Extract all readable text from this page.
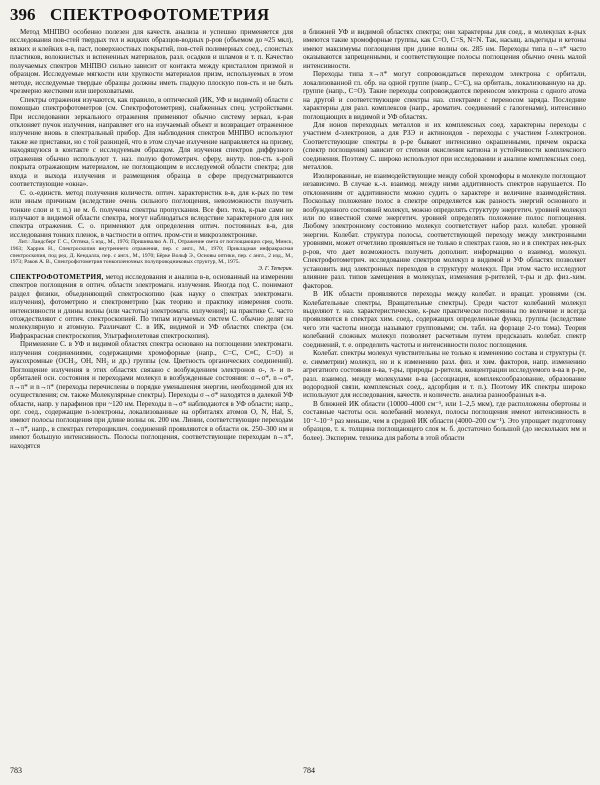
396 СПЕКТРОФОТОМЕТРИЯ

Метод МНПВО особенно полезен для качеств. анализа и успешно применяется для исследования пов-стей твердых тел и жидких образцов-водных р-ров (объемом до ≈25 мкл), вязких и клейких в-в, паст, поверхностных покрытий, пов-стей полимерных соед., слоистых пластиков, волокнистых и вспененных материалов, разл. осадков и шламов и т. п. Качество получаемых спектров МНПВО сильно зависит от контакта между кристаллом призмой и образцом. Исследуемые мягкости или хрупкости материалов призм, используемых в этом методе, исследуемые твердые образцы должны иметь гладкую плоскую пов-сть и не быть чрезмерно жесткими или шероховатыми.

Спектры отражения изучаются, как правило, в оптической (ИК, УФ и видимой) области с помощью спектрофотометров (см. Спектрофотометрия), снабженных спец. устройствами. При исследовании зеркального отражения применяют обычно систему зеркал, к-рая отклоняет пучок излучения, направляет его на изучаемый объект и возвращает отраженное излучение вновь в спектральный прибор. Для наблюдения спектров МНПВО используют также же приставки, но с той разницей, что в этом случае излучение направляется на призму, находящуюся в контакте с исследуемым образцом. Для изучения спектров диффузного отражения обычно используют т. наз. полую фотометрич. сферу, внутр. пов-сть к-рой покрыта отражающим материалом, не поглощающим в исследуемой области спектра; для входа и выхода излучения и размещения образца в сфере предусматриваются соответствующие «окна».

С. о.-единств. метод получения количеств. оптич. характеристик в-в, для к-рых по тем или иным причинам (вследствие очень сильного поглощения, невозможности получить тонкие слои и т. п.) не м. б. получены спектры пропускания. Все физ. тела, к-рые сами не излучают в видимой области спектра, могут наблюдаться вследствие характерного для них спектра отражения. С. о. применяют для определения оптич. постоянных в-в, для исследования тонких пленок, в частности в оптич. пром-сти и микроэлектронике.

Лит.: Ландсберг Г. С., Оптика, 5 изд., М., 1976; Пришивалко А. П., Отражение света от поглощающих сред, Минск, 1963; Харрик Н., Спектроскопия внутреннего отражения, пер. с англ., М., 1970; Прикладная инфракрасная спектроскопия, под ред. Д. Кендалла, пер. с англ., М., 1970; Бёрке Вольф Э., Основы оптики, пер. с англ., 2 изд., М., 1973; Раков А. В., Спектрофотометрия тонкопленочных полупроводниковых структур, М., 1975.

Э. Г. Тетерин.

СПЕКТРОФОТОМЕТРИЯ, метод исследования и анализа в-в, основанный на измерении спектров поглощения в оптич. области электромагн. излучения. Иногда под С. понимают раздел физики, объединяющий спектроскопию (как науку о спектрах электромагн. излучения), фотометрию и спектрометрию [как теорию и практику измерения соотв. интенсивности и длины волны (или частоты) электромагн. излучения]; на практике С. часто отождествляют с оптич. спектроскопией. По типам изучаемых систем С. обычно делят на молекулярную и атомную. Различают С. в ИК, видимой и УФ областях спектра (см. Инфракрасная спектроскопия, Ультрафиолетовая спектроскопия).

Применение С. в УФ и видимой областях спектра основано на поглощении электромагн. излучения соединениями, содержащими хромофорные (напр., С=С, С≡С, С=О) и ауксохромные (ОСН₃, ОН, NH₂ и др.) группы (см. Цветность органических соединений). Поглощение излучения в этих областях связано с возбуждением электронов σ-, π- и n-орбиталей осн. состояния и переходами молекул в возбужденные состояния: σ→σ*, n→σ*, π→π* и n→π* (переходы перечислены в порядке уменьшения энергии, необходимой для их осуществления; см. также Молекулярные спектры). Переходы σ→σ* находятся в далекой УФ области, напр. у парафинов при ~120 нм. Переходы n→σ* наблюдаются в УФ области; напр., орг. соед., содержащие n-электроны, локализованные на орбиталях атомов О, N, Hal, S, имеют полосы поглощения при длине волны ок. 200 нм. Линии, соответствующие переходам π→π*, напр., в спектрах гетероциклич. соединений проявляются в области ок. 250–300 нм и имеют большую интенсивность. Полосы поглощения, соответствующие переходам n→π*, находятся

в ближней УФ и видимой областях спектра; они характерны для соед., в молекулах к-рых имеются такие хромофорные группы, как С=О, С=S, N=N. Так, насыщ. альдегиды и кетоны имеют максимумы поглощения при длине волны ок. 285 нм. Переходы типа n→π* часто оказываются запрещенными, и соответствующие полосы поглощения обычно очень малой интенсивности.

Переходы типа π→π* могут сопровождаться переходом электрона с орбитали, локализованной гл. обр. на одной группе (напр., С=С), на орбиталь, локализованную на др. группе (напр., С=О). Такие переходы сопровождаются переносом электрона с одного атома на другой и соответствующие спектры наз. спектрами с переносом заряда. Последние характерны для разл. комплексов (напр., ароматич. соединений с галогенами), интенсивно поглощающих в видимой и УФ областях.

Для ионов переходных металлов и их комплексных соед. характерны переходы с участием d-электронов, а для РЗЭ и актиноидов - переходы с участием f-электронов. Соответствующие спектры в р-ре бывают интенсивно окрашенными, причем окраска (спектр поглощения) зависит от степени окисления катиона и устойчивости комплексного соединения. Поэтому С. широко используют при исследовании и анализе комплексных соед. металлов.

Изолированные, не взаимодействующие между собой хромофоры в молекуле поглощают независимо. В случае к.-л. взаимод. между ними аддитивность спектров нарушается. По отклонениям от аддитивности можно судить о характере и величине взаимодействия. Поскольку положение полос в спектре определяется как разность энергий основного и возбужденного состояний молекул, можно определять структуру энергетич. уровней молекул или по известной схеме энергетич. уровней определять положение полос поглощения. Любому электронному состоянию молекул соответствует набор разл. колебат. уровней энергии. Колебат. структура полосы, соответствующей переходу между электронными уровнями, может отчетливо проявляться не только в спектрах газов, но и в спектрах нек-рых р-ров, что дает возможность получить дополнит. информацию о взаимод. молекул. Спектрофотометрич. исследование спектров молекул в видимой и УФ областях позволяет установить вид электронных переходов в структуру молекул. При этом часто исследуют влияние разл. типов замещения в молекулах, изменения р-рителей, т-ры и др. физ.-хим. факторов.

В ИК области проявляются переходы между колебат. и вращат. уровнями (см. Колебательные спектры, Вращательные спектры). Среди частот колебаний молекул выделяют т. наз. характеристические, к-рые практически постоянны по величине и всегда проявляются в спектрах хим. соед., содержащих определенные функц. группы (вследствие чего эти частоты иногда называют групповыми; см. табл. на форзаце 2-го тома). Теория колебаний сложных молекул позволяет расчетным путем предсказать колебат. спектр соединений, т. е. определить частоты и интенсивности полос поглощения.

Колебат. спектры молекул чувствительны не только к изменению состава и структуры (т. е. симметрии) молекул, но и к изменению разл. физ. и хим. факторов, напр. изменению агрегатного состояния в-ва, т-ры, природы р-рителя, концентрации исследуемого в-ва в р-ре, разл. взаимод. между молекулами в-ва (ассоциация, комплексообразование, образование водородной связи, комплексных соед., адсорбция и т. п.). Поэтому ИК спектры широко используют для исследования, качеств. и количеств. анализа разнообразных в-в.

В ближней ИК области (10000–4000 см⁻¹, или 1–2,5 мкм), где расположены обертоны и составные частоты осн. колебаний молекул, полосы поглощения имеют интенсивность в 10⁻²–10⁻³ раз меньше, чем в средней ИК области (4000–200 см⁻¹). Это упрощает подготовку образцов, т. к. толщина поглощающего слоя м. б. достаточно большой (до нескольких мм и более). Эксперим. техника для работы в этой области

783	784
